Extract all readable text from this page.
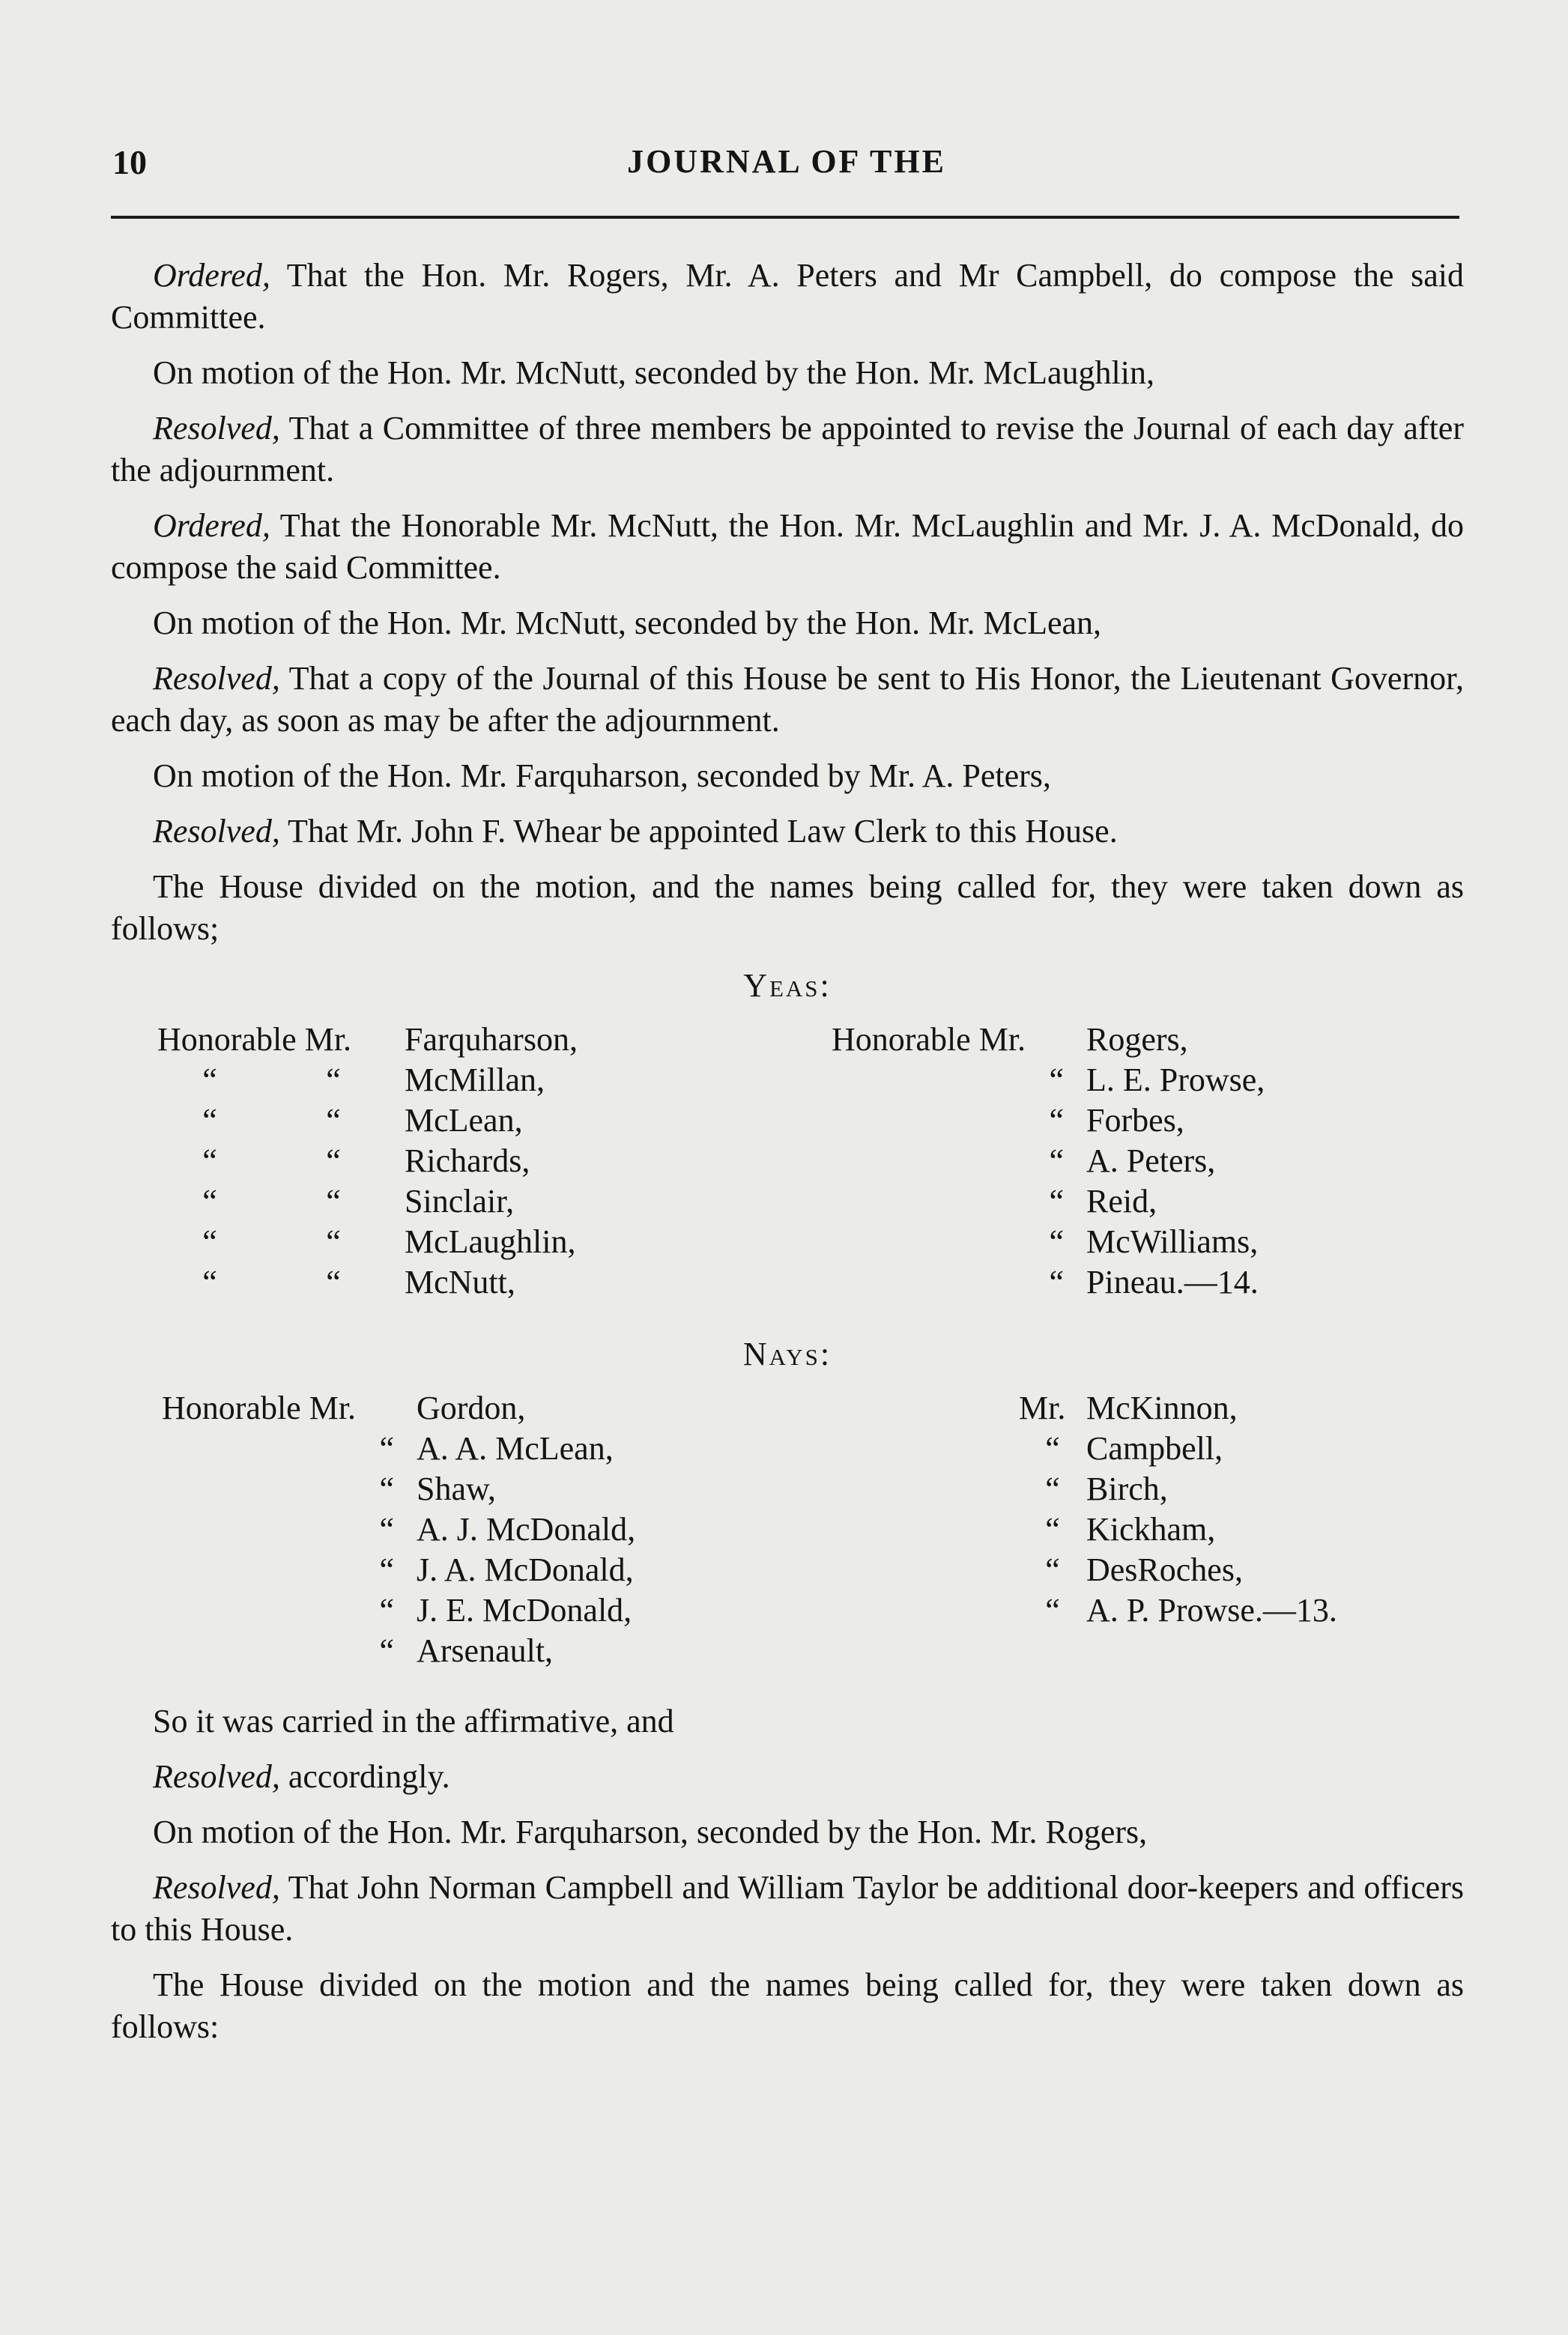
10	JOURNAL OF THE

Ordered, That the Hon. Mr. Rogers, Mr. A. Peters and Mr Campbell, do compose the said Committee.

On motion of the Hon. Mr. McNutt, seconded by the Hon. Mr. McLaughlin,

Resolved, That a Committee of three members be appointed to revise the Journal of each day after the adjournment.

Ordered, That the Honorable Mr. McNutt, the Hon. Mr. McLaughlin and Mr. J. A. McDonald, do compose the said Committee.

On motion of the Hon. Mr. McNutt, seconded by the Hon. Mr. McLean,

Resolved, That a copy of the Journal of this House be sent to His Honor, the Lieutenant Governor, each day, as soon as may be after the adjournment.

On motion of the Hon. Mr. Farquharson, seconded by Mr. A. Peters,

Resolved, That Mr. John F. Whear be appointed Law Clerk to this House.

The House divided on the motion, and the names being called for, they were taken down as follows;

Yeas:
Honorable Mr. Farquharson,
“	“ McMillan,
“	“ McLean,
“	“ Richards,
“	“ Sinclair,
“	“ McLaughlin,
“	“ McNutt,
Honorable Mr. Rogers,
“ L. E. Prowse,
“ Forbes,
“ A. Peters,
“ Reid,
“ McWilliams,
“ Pineau.—14.
Nays:
Honorable Mr. Gordon,
“ A. A. McLean,
“ Shaw,
“ A. J. McDonald,
“ J. A. McDonald,
“ J. E. McDonald,
“ Arsenault,
Mr. McKinnon,
“ Campbell,
“ Birch,
“ Kickham,
“ DesRoches,
“ A. P. Prowse.—13.

So it was carried in the affirmative, and

Resolved, accordingly.

On motion of the Hon. Mr. Farquharson, seconded by the Hon. Mr. Rogers,

Resolved, That John Norman Campbell and William Taylor be additional door-keepers and officers to this House.

The House divided on the motion and the names being called for, they were taken down as follows:
